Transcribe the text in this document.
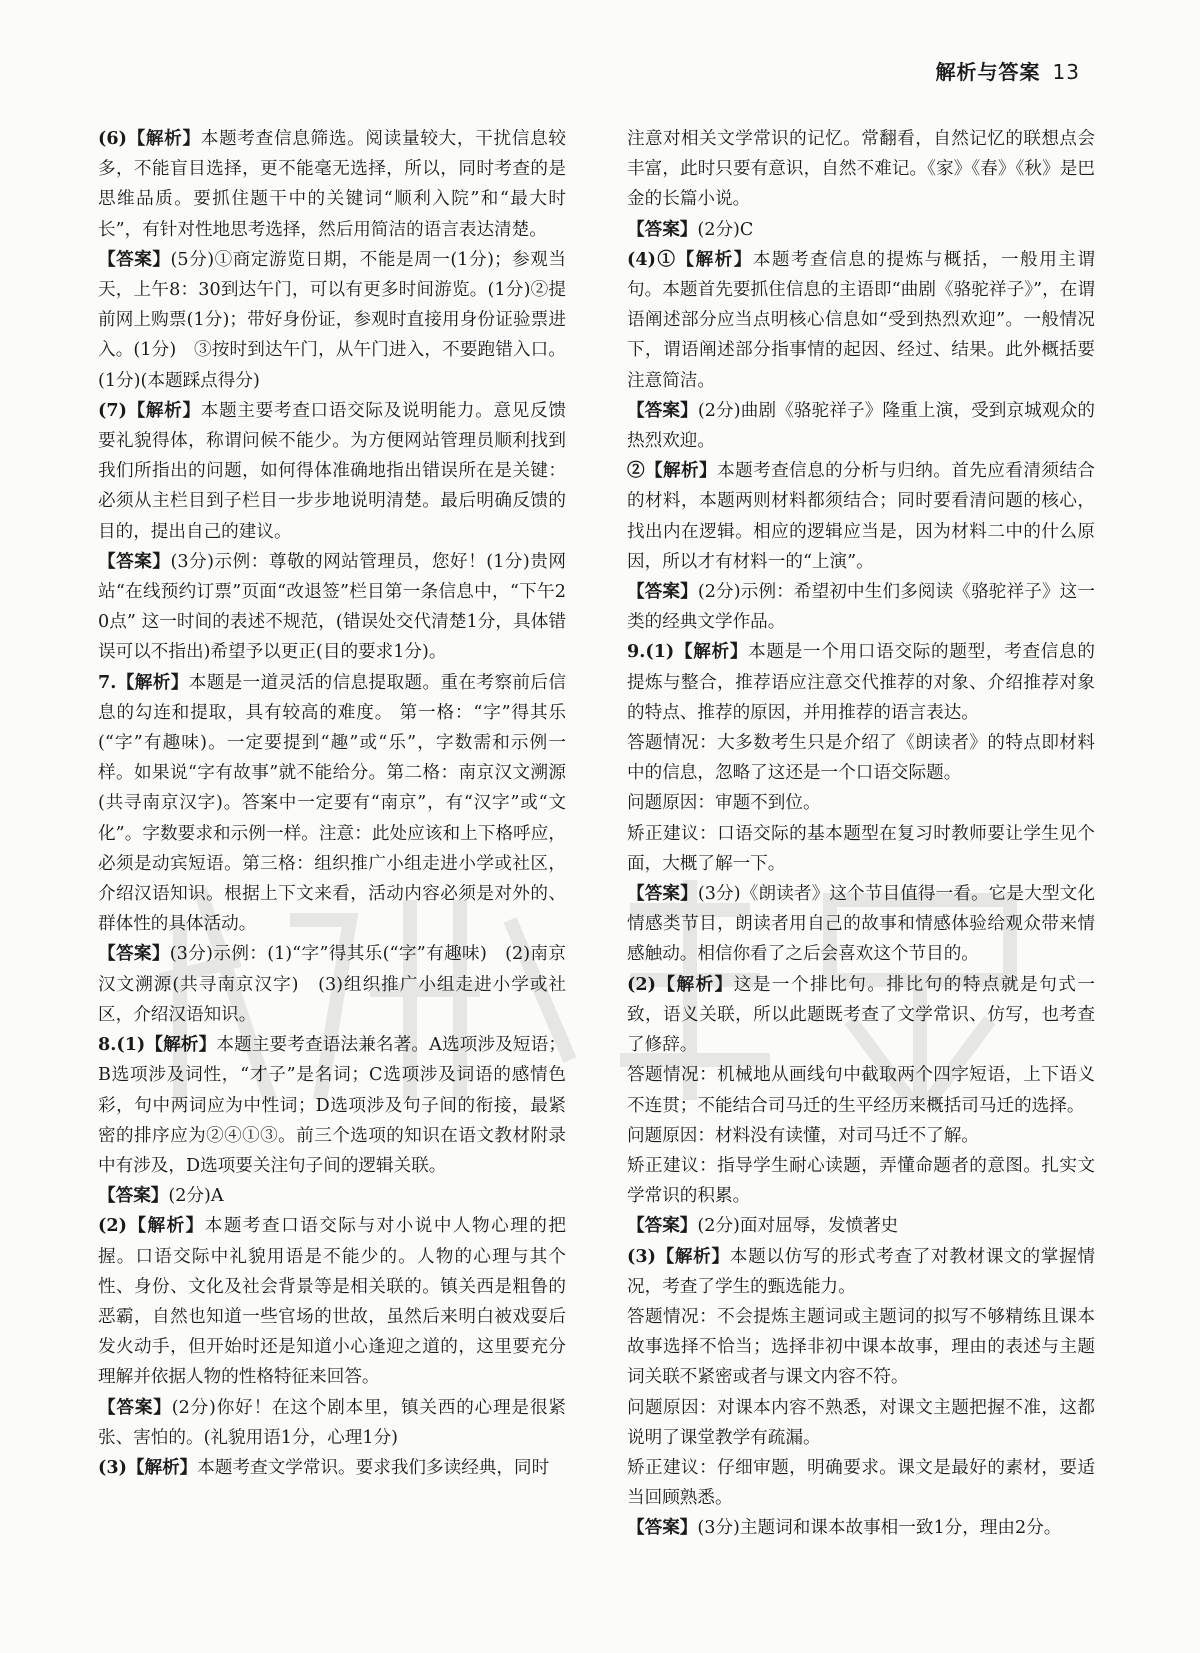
解析与答案 13

(6)【解析】本题考查信息筛选。阅读量较大，干扰信息较多，不能盲目选择，更不能毫无选择，所以，同时考查的是思维品质。要抓住题干中的关键词“顺利入院”和“最大时长”，有针对性地思考选择，然后用简洁的语言表达清楚。

【答案】(5分)①商定游览日期，不能是周一(1分)；参观当天，上午8：30到达午门，可以有更多时间游览。(1分)②提前网上购票(1分)；带好身份证，参观时直接用身份证验票进入。(1分)　③按时到达午门，从午门进入，不要跑错入口。(1分)(本题踩点得分)

(7)【解析】本题主要考查口语交际及说明能力。意见反馈要礼貌得体，称谓问候不能少。为方便网站管理员顺利找到我们所指出的问题，如何得体准确地指出错误所在是关键：必须从主栏目到子栏目一步步地说明清楚。最后明确反馈的目的，提出自己的建议。

【答案】(3分)示例：尊敬的网站管理员，您好！(1分)贵网站“在线预约订票”页面“改退签”栏目第一条信息中，“下午20点” 这一时间的表述不规范，(错误处交代清楚1分，具体错误可以不指出)希望予以更正(目的要求1分)。

7.【解析】本题是一道灵活的信息提取题。重在考察前后信息的勾连和提取，具有较高的难度。 第一格：“字”得其乐(“字”有趣味)。一定要提到“趣”或“乐”，字数需和示例一样。如果说“字有故事”就不能给分。第二格：南京汉文溯源(共寻南京汉字)。答案中一定要有“南京”，有“汉字”或“文化”。字数要求和示例一样。注意：此处应该和上下格呼应，必须是动宾短语。第三格：组织推广小组走进小学或社区，介绍汉语知识。根据上下文来看，活动内容必须是对外的、群体性的具体活动。

【答案】(3分)示例：(1)“字”得其乐(“字”有趣味)　(2)南京汉文溯源(共寻南京汉字)　(3)组织推广小组走进小学或社区，介绍汉语知识。

8.(1)【解析】本题主要考查语法兼名著。A选项涉及短语；B选项涉及词性，“才子”是名词；C选项涉及词语的感情色彩，句中两词应为中性词；D选项涉及句子间的衔接，最紧密的排序应为②④①③。前三个选项的知识在语文教材附录中有涉及，D选项要关注句子间的逻辑关联。

【答案】(2分)A

(2)【解析】本题考查口语交际与对小说中人物心理的把握。口语交际中礼貌用语是不能少的。人物的心理与其个性、身份、文化及社会背景等是相关联的。镇关西是粗鲁的恶霸，自然也知道一些官场的世故，虽然后来明白被戏耍后发火动手，但开始时还是知道小心逢迎之道的，这里要充分理解并依据人物的性格特征来回答。

【答案】(2分)你好！在这个剧本里，镇关西的心理是很紧张、害怕的。(礼貌用语1分，心理1分)

(3)【解析】本题考查文学常识。要求我们多读经典，同时

注意对相关文学常识的记忆。常翻看，自然记忆的联想点会丰富，此时只要有意识，自然不难记。《家》《春》《秋》是巴金的长篇小说。

【答案】(2分)C

(4)①【解析】本题考查信息的提炼与概括，一般用主谓句。本题首先要抓住信息的主语即“曲剧《骆驼祥子》”，在谓语阐述部分应当点明核心信息如“受到热烈欢迎”。一般情况下，谓语阐述部分指事情的起因、经过、结果。此外概括要注意简洁。

【答案】(2分)曲剧《骆驼祥子》隆重上演，受到京城观众的热烈欢迎。

②【解析】本题考查信息的分析与归纳。首先应看清须结合的材料，本题两则材料都须结合；同时要看清问题的核心，找出内在逻辑。相应的逻辑应当是，因为材料二中的什么原因，所以才有材料一的“上演”。

【答案】(2分)示例：希望初中生们多阅读《骆驼祥子》这一类的经典文学作品。

9.(1)【解析】本题是一个用口语交际的题型，考查信息的提炼与整合，推荐语应注意交代推荐的对象、介绍推荐对象的特点、推荐的原因，并用推荐的语言表达。

答题情况：大多数考生只是介绍了《朗读者》的特点即材料中的信息，忽略了这还是一个口语交际题。

问题原因：审题不到位。

矫正建议：口语交际的基本题型在复习时教师要让学生见个面，大概了解一下。

【答案】(3分)《朗读者》这个节目值得一看。它是大型文化情感类节目，朗读者用自己的故事和情感体验给观众带来情感触动。相信你看了之后会喜欢这个节目的。

(2)【解析】这是一个排比句。排比句的特点就是句式一致，语义关联，所以此题既考查了文学常识、仿写，也考查了修辞。

答题情况：机械地从画线句中截取两个四字短语，上下语义不连贯；不能结合司马迁的生平经历来概括司马迁的选择。

问题原因：材料没有读懂，对司马迁不了解。

矫正建议：指导学生耐心读题，弄懂命题者的意图。扎实文学常识的积累。

【答案】(2分)面对屈辱，发愤著史

(3)【解析】本题以仿写的形式考查了对教材课文的掌握情况，考查了学生的甄选能力。

答题情况：不会提炼主题词或主题词的拟写不够精练且课本故事选择不恰当；选择非初中课本故事，理由的表述与主题词关联不紧密或者与课文内容不符。

问题原因：对课本内容不熟悉，对课文主题把握不准，这都说明了课堂教学有疏漏。

矫正建议：仔细审题，明确要求。课文是最好的素材，要适当回顾熟悉。

【答案】(3分)主题词和课本故事相一致1分，理由2分。
